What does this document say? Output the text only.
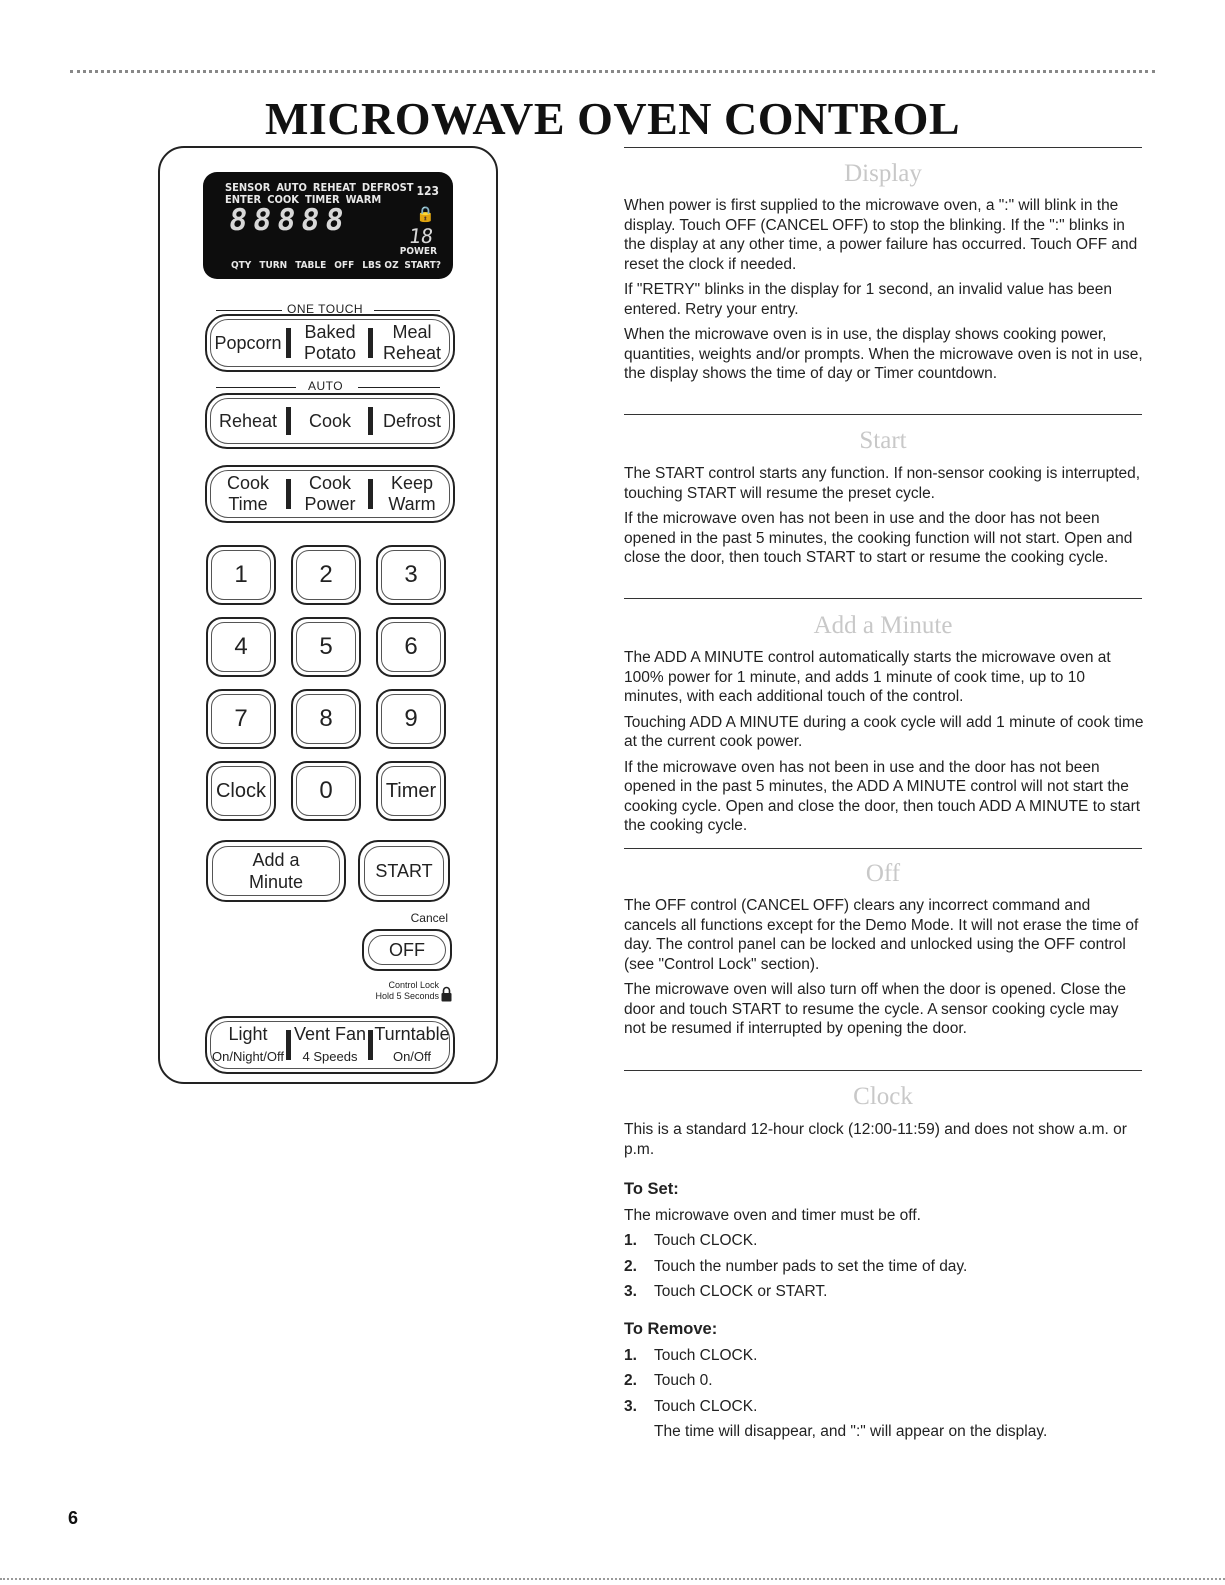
MICROWAVE OVEN CONTROL
SENSOR AUTO REHEAT DEFROST
ENTER COOK TIMER WARM
123
🔒
88888	18
POWER
QTY TURN TABLE OFF LBS OZ START?
ONE TOUCH
Popcorn
Baked
Potato
Meal
Reheat
AUTO
Reheat Cook Defrost
Cook
Time
Cook
Power
Keep
Warm
1	2	3
4	5	6
7	8	9
Clock 0	Timer
Add a
Minute
START
Cancel
OFF
Control Lock
Hold 5 Seconds
Light
On/Night/Off
Vent Fan
4 Speeds
Turntable
On/Off
Display

When power is first supplied to the microwave oven, a ":" will blink in the display. Touch OFF (CANCEL OFF) to stop the blinking. If the ":" blinks in the display at any other time, a power failure has occurred. Touch OFF and reset the clock if needed.

If "RETRY" blinks in the display for 1 second, an invalid value has been entered. Retry your entry.

When the microwave oven is in use, the display shows cooking power, quantities, weights and/or prompts. When the microwave oven is not in use, the display shows the time of day or Timer countdown.

Start

The START control starts any function. If non-sensor cooking is interrupted, touching START will resume the preset cycle.

If the microwave oven has not been in use and the door has not been opened in the past 5 minutes, the cooking function will not start. Open and close the door, then touch START to start or resume the cooking cycle.

Add a Minute

The ADD A MINUTE control automatically starts the microwave oven at 100% power for 1 minute, and adds 1 minute of cook time, up to 10 minutes, with each additional touch of the control.

Touching ADD A MINUTE during a cook cycle will add 1 minute of cook time at the current cook power.

If the microwave oven has not been in use and the door has not been opened in the past 5 minutes, the ADD A MINUTE control will not start the cooking cycle. Open and close the door, then touch ADD A MINUTE to start the cooking cycle.

Off

The OFF control (CANCEL OFF) clears any incorrect command and cancels all functions except for the Demo Mode. It will not erase the time of day. The control panel can be locked and unlocked using the OFF control (see "Control Lock" section).

The microwave oven will also turn off when the door is opened. Close the door and touch START to resume the cycle. A sensor cooking cycle may not be resumed if interrupted by opening the door.

Clock

This is a standard 12-hour clock (12:00-11:59) and does not show a.m. or p.m.

To Set:

The microwave oven and timer must be off.

1. Touch CLOCK.
2. Touch the number pads to set the time of day.
3. Touch CLOCK or START.

To Remove:

1. Touch CLOCK.
2. Touch 0.
3. Touch CLOCK.

The time will disappear, and ":" will appear on the display.

6
